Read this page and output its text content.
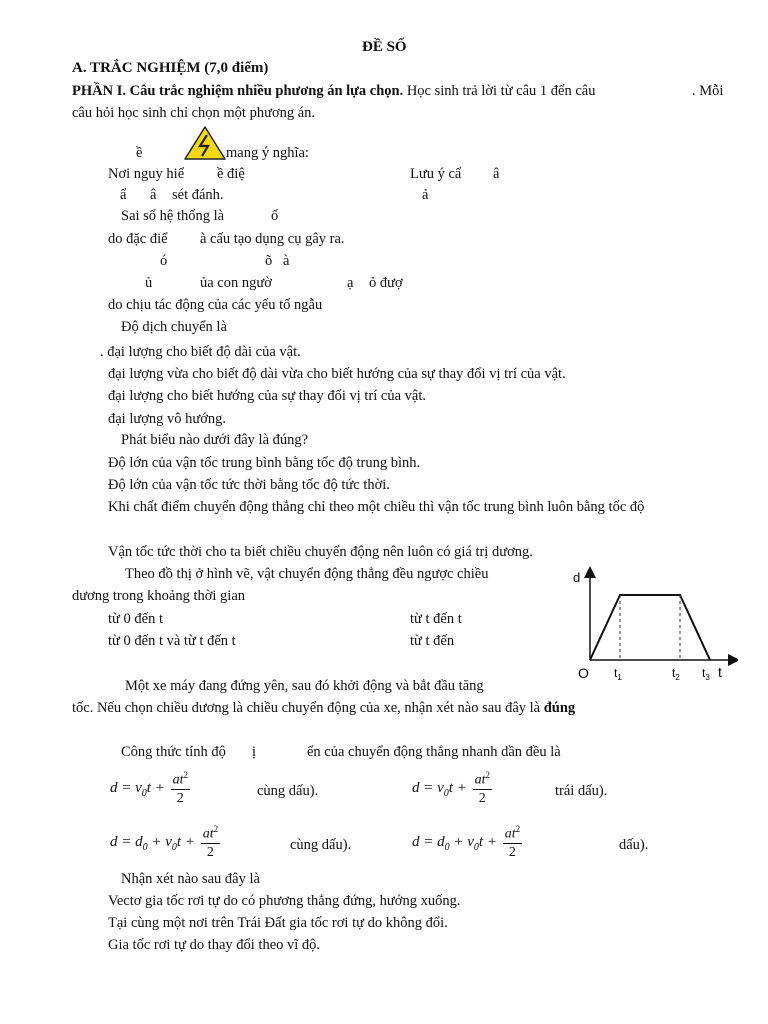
ĐỀ SỐ
A. TRẮC NGHIỆM (7,0 điểm)
PHẦN I. Câu trắc nghiệm nhiều phương án lựa chọn. Học sinh trả lời từ câu 1 đến câu	. Mỗi
câu hỏi học sinh chỉ chọn một phương án.
ề	mang ý nghĩa:
Nơi nguy hiể ề điệ	Lưu ý cẩ â
ẩ â sét đánh.	ả
Sai số hệ thống là	ố
do đặc điể à cấu tạo dụng cụ gây ra.
ó	õ à
ủ	ủa con ngườ	ạ ỏ đượ
do chịu tác động của các yếu tố ngẫu
Độ dịch chuyển là
. đại lượng cho biết độ dài của vật.
đại lượng vừa cho biết độ dài vừa cho biết hướng của sự thay đổi vị trí của vật.
đại lượng cho biết hướng của sự thay đổi vị trí của vật.
đại lượng vô hướng.
Phát biểu nào dưới đây là đúng?
Độ lớn của vận tốc trung bình bằng tốc độ trung bình.
Độ lớn của vận tốc tức thời bằng tốc độ tức thời.
Khi chất điểm chuyển động thẳng chỉ theo một chiều thì vận tốc trung bình luôn bằng tốc độ
Vận tốc tức thời cho ta biết chiều chuyển động nên luôn có giá trị dương.
Theo đồ thị ở hình vẽ, vật chuyển động thẳng đều ngược chiều
dương trong khoảng thời gian
từ 0 đến t	từ t đến t
từ 0 đến t và từ t đến t	từ t đến
d
O	t
$t_1$	$t_2$ $t_3$
Một xe máy đang đứng yên, sau đó khởi động và bắt đầu tăng
tốc. Nếu chọn chiều dương là chiều chuyển động của xe, nhận xét nào sau đây là đúng
Công thức tính độ ị	ển của chuyển động thẳng nhanh dần đều là
$d = v_0t + \frac{at^2}{2}$	cùng dấu).	$d = v_0t + \frac{at^2}{2}$	trái dấu).
$d = d_0 + v_0t + \frac{at^2}{2}$	cùng dấu).	$d = d_0 + v_0t + \frac{at^2}{2}$	dấu).
Nhận xét nào sau đây là
Vectơ gia tốc rơi tự do có phương thẳng đứng, hướng xuống.
Tại cùng một nơi trên Trái Đất gia tốc rơi tự do không đổi.
Gia tốc rơi tự do thay đổi theo vĩ độ.
